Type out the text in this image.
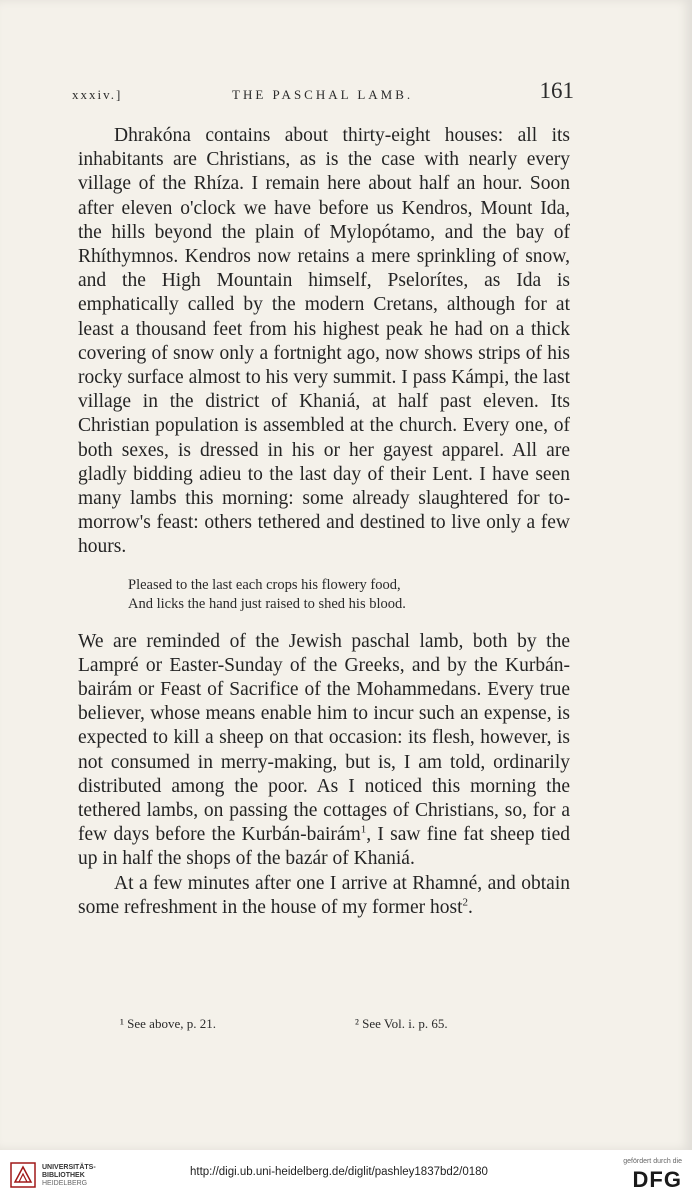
xxxiv.]	THE PASCHAL LAMB.	161

Dhrakóna contains about thirty-eight houses: all its inhabitants are Christians, as is the case with nearly every village of the Rhíza. I remain here about half an hour. Soon after eleven o'clock we have before us Kendros, Mount Ida, the hills beyond the plain of Mylopótamo, and the bay of Rhíthymnos. Kendros now retains a mere sprinkling of snow, and the High Mountain himself, Pselorítes, as Ida is emphatically called by the modern Cretans, although for at least a thousand feet from his highest peak he had on a thick covering of snow only a fortnight ago, now shows strips of his rocky surface almost to his very summit. I pass Kámpi, the last village in the district of Khaniá, at half past eleven. Its Christian population is assembled at the church. Every one, of both sexes, is dressed in his or her gayest apparel. All are gladly bidding adieu to the last day of their Lent. I have seen many lambs this morning: some already slaughtered for to-morrow's feast: others tethered and destined to live only a few hours.

Pleased to the last each crops his flowery food,
And licks the hand just raised to shed his blood.

We are reminded of the Jewish paschal lamb, both by the Lampré or Easter-Sunday of the Greeks, and by the Kurbán-bairám or Feast of Sacrifice of the Mohammedans. Every true believer, whose means enable him to incur such an expense, is expected to kill a sheep on that occasion: its flesh, however, is not consumed in merry-making, but is, I am told, ordinarily distributed among the poor. As I noticed this morning the tethered lambs, on passing the cottages of Christians, so, for a few days before the Kurbán-bairám$^1$, I saw fine fat sheep tied up in half the shops of the bazár of Khaniá.

At a few minutes after one I arrive at Rhamné, and obtain some refreshment in the house of my former host$^2$.

¹ See above, p. 21.	² See Vol. i. p. 65.
UNIVERSITÄTS-
BIBLIOTHEK
HEIDELBERG
http://digi.ub.uni-heidelberg.de/diglit/pashley1837bd2/0180
gefördert durch die
DFG
